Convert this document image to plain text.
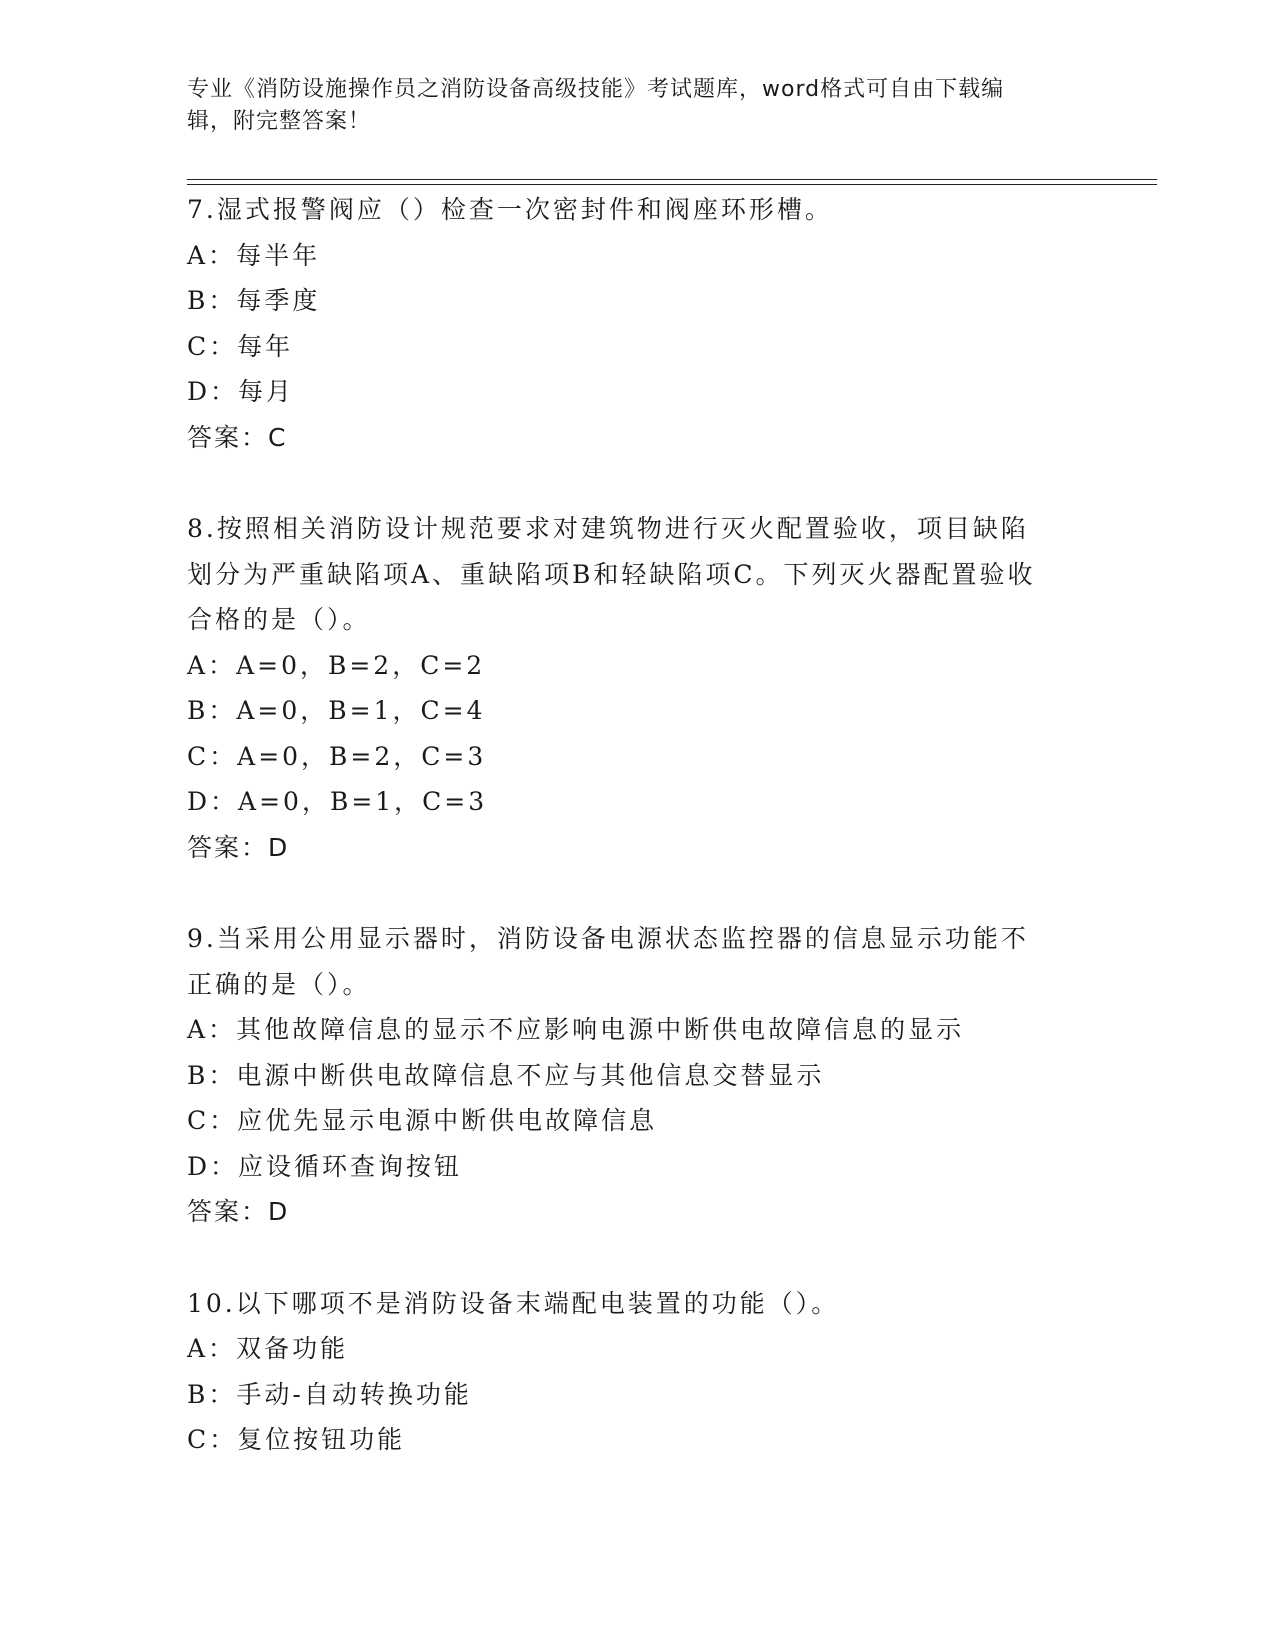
专业《消防设施操作员之消防设备高级技能》考试题库，word格式可自由下载编
辑，附完整答案！
7.湿式报警阀应（）检查一次密封件和阀座环形槽。
A：每半年
B：每季度
C：每年
D：每月
答案：C
8.按照相关消防设计规范要求对建筑物进行灭火配置验收，项目缺陷
划分为严重缺陷项A、重缺陷项B和轻缺陷项C。下列灭火器配置验收
合格的是（）。
A：A=0，B=2，C=2
B：A=0，B=1，C=4
C：A=0，B=2，C=3
D：A=0，B=1，C=3
答案：D
9.当采用公用显示器时，消防设备电源状态监控器的信息显示功能不
正确的是（）。
A：其他故障信息的显示不应影响电源中断供电故障信息的显示
B：电源中断供电故障信息不应与其他信息交替显示
C：应优先显示电源中断供电故障信息
D：应设循环查询按钮
答案：D
10.以下哪项不是消防设备末端配电装置的功能（）。
A：双备功能
B：手动-自动转换功能
C：复位按钮功能
